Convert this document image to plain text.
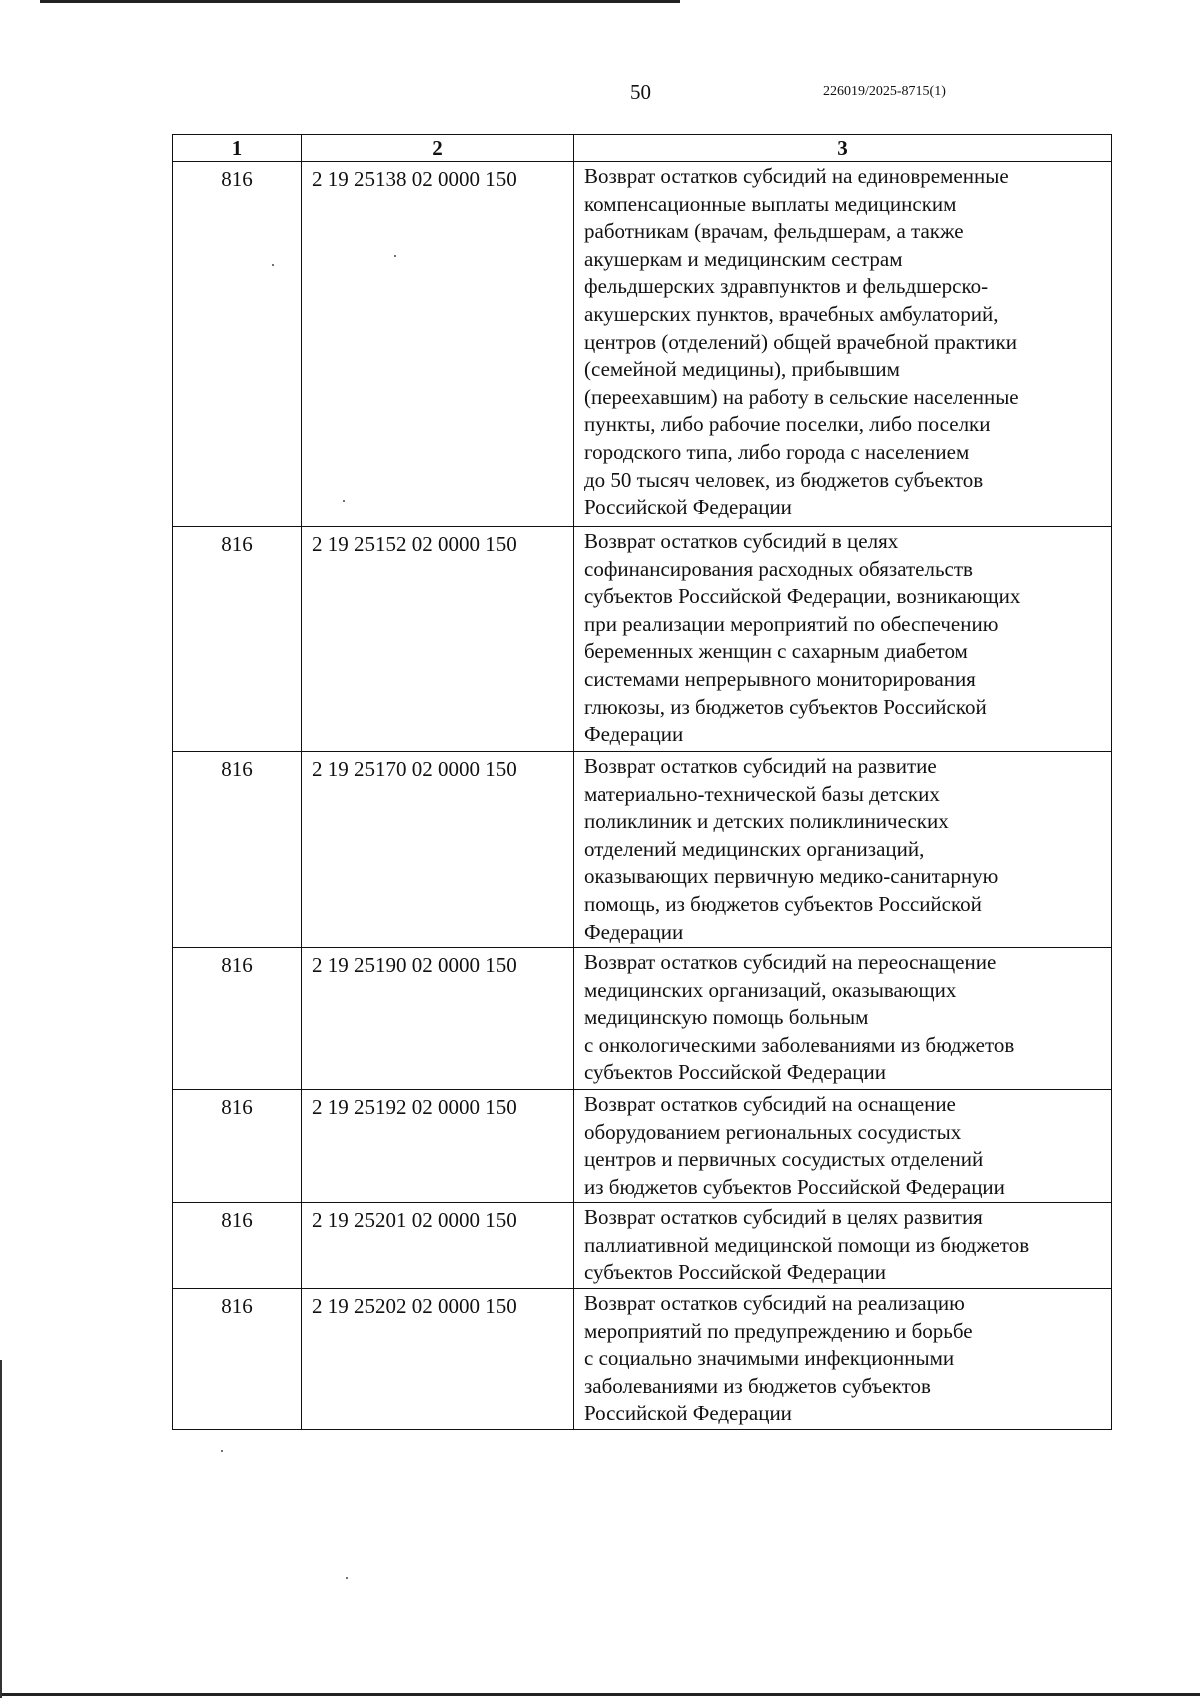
50	226019/2025-8715(1)
1	2	3
816	2 19 25138 02 0000 150	Возврат остатков субсидий на единовременные
компенсационные выплаты медицинским
работникам (врачам, фельдшерам, а также
акушеркам и медицинским сестрам
фельдшерских здравпунктов и фельдшерско-
акушерских пунктов, врачебных амбулаторий,
центров (отделений) общей врачебной практики
(семейной медицины), прибывшим
(переехавшим) на работу в сельские населенные
пункты, либо рабочие поселки, либо поселки
городского типа, либо города с населением
до 50 тысяч человек, из бюджетов субъектов
Российской Федерации
816	2 19 25152 02 0000 150	Возврат остатков субсидий в целях
софинансирования расходных обязательств
субъектов Российской Федерации, возникающих
при реализации мероприятий по обеспечению
беременных женщин с сахарным диабетом
системами непрерывного мониторирования
глюкозы, из бюджетов субъектов Российской
Федерации
816	2 19 25170 02 0000 150	Возврат остатков субсидий на развитие
материально-технической базы детских
поликлиник и детских поликлинических
отделений медицинских организаций,
оказывающих первичную медико-санитарную
помощь, из бюджетов субъектов Российской
Федерации
816	2 19 25190 02 0000 150	Возврат остатков субсидий на переоснащение
медицинских организаций, оказывающих
медицинскую помощь больным
с онкологическими заболеваниями из бюджетов
субъектов Российской Федерации
816	2 19 25192 02 0000 150	Возврат остатков субсидий на оснащение
оборудованием региональных сосудистых
центров и первичных сосудистых отделений
из бюджетов субъектов Российской Федерации
816	2 19 25201 02 0000 150	Возврат остатков субсидий в целях развития
паллиативной медицинской помощи из бюджетов
субъектов Российской Федерации
816	2 19 25202 02 0000 150	Возврат остатков субсидий на реализацию
мероприятий по предупреждению и борьбе
с социально значимыми инфекционными
заболеваниями из бюджетов субъектов
Российской Федерации
